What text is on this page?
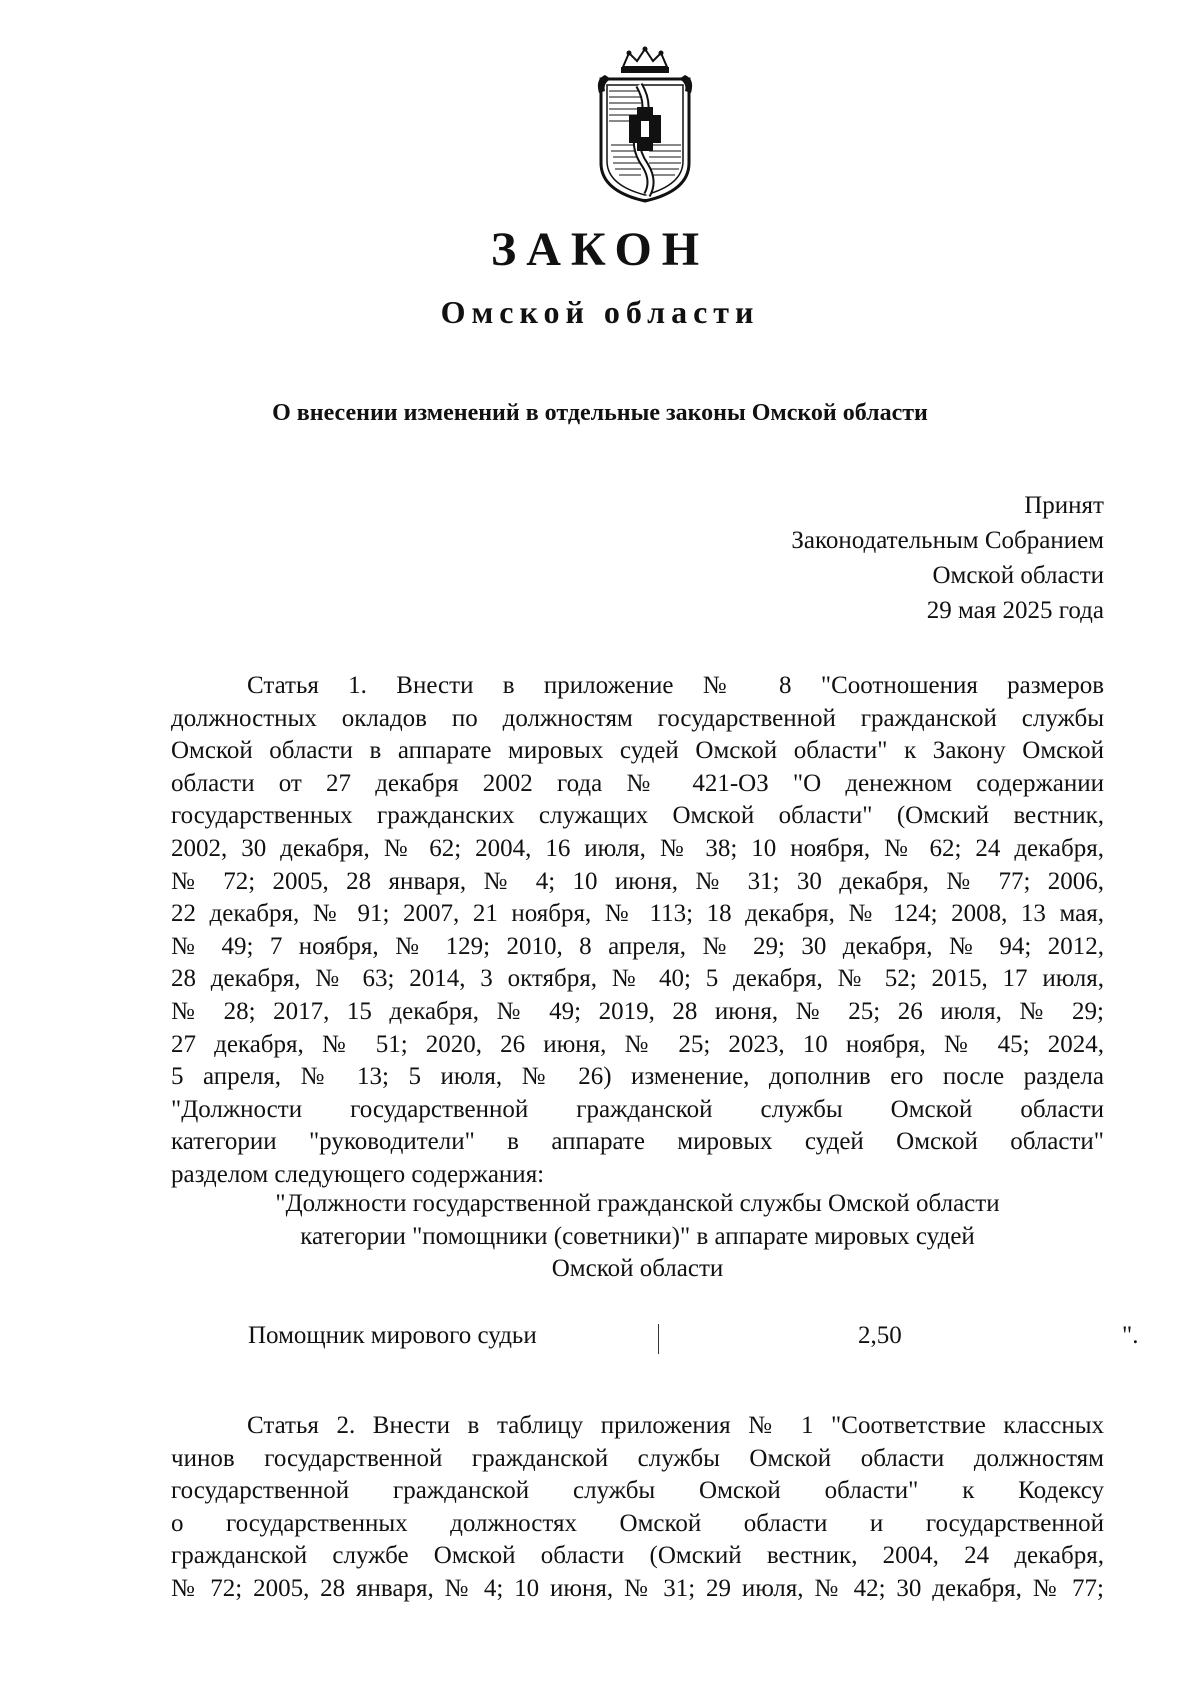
ЗАКОН
Омской области
О внесении изменений в отдельные законы Омской области
Принят
Законодательным Собранием
Омской области
29 мая 2025 года
Статья 1. Внести в приложение № 8 "Соотношения размеров
должностных окладов по должностям государственной гражданской службы
Омской области в аппарате мировых судей Омской области" к Закону Омской
области от 27 декабря 2002 года № 421-ОЗ "О денежном содержании
государственных гражданских служащих Омской области" (Омский вестник,
2002, 30 декабря, № 62; 2004, 16 июля, № 38; 10 ноября, № 62; 24 декабря,
№ 72; 2005, 28 января, № 4; 10 июня, № 31; 30 декабря, № 77; 2006,
22 декабря, № 91; 2007, 21 ноября, № 113; 18 декабря, № 124; 2008, 13 мая,
№ 49; 7 ноября, № 129; 2010, 8 апреля, № 29; 30 декабря, № 94; 2012,
28 декабря, № 63; 2014, 3 октября, № 40; 5 декабря, № 52; 2015, 17 июля,
№ 28; 2017, 15 декабря, № 49; 2019, 28 июня, № 25; 26 июля, № 29;
27 декабря, № 51; 2020, 26 июня, № 25; 2023, 10 ноября, № 45; 2024,
5 апреля, № 13; 5 июля, № 26) изменение, дополнив его после раздела
"Должности государственной гражданской службы Омской области
категории "руководители" в аппарате мировых судей Омской области"
разделом следующего содержания:
"Должности государственной гражданской службы Омской области
категории "помощники (советники)" в аппарате мировых судей
Омской области
Помощник мирового судьи	2,50	".
Статья 2. Внести в таблицу приложения № 1 "Соответствие классных
чинов государственной гражданской службы Омской области должностям
государственной гражданской службы Омской области" к Кодексу
о государственных должностях Омской области и государственной
гражданской службе Омской области (Омский вестник, 2004, 24 декабря,
№ 72; 2005, 28 января, № 4; 10 июня, № 31; 29 июля, № 42; 30 декабря, № 77;
